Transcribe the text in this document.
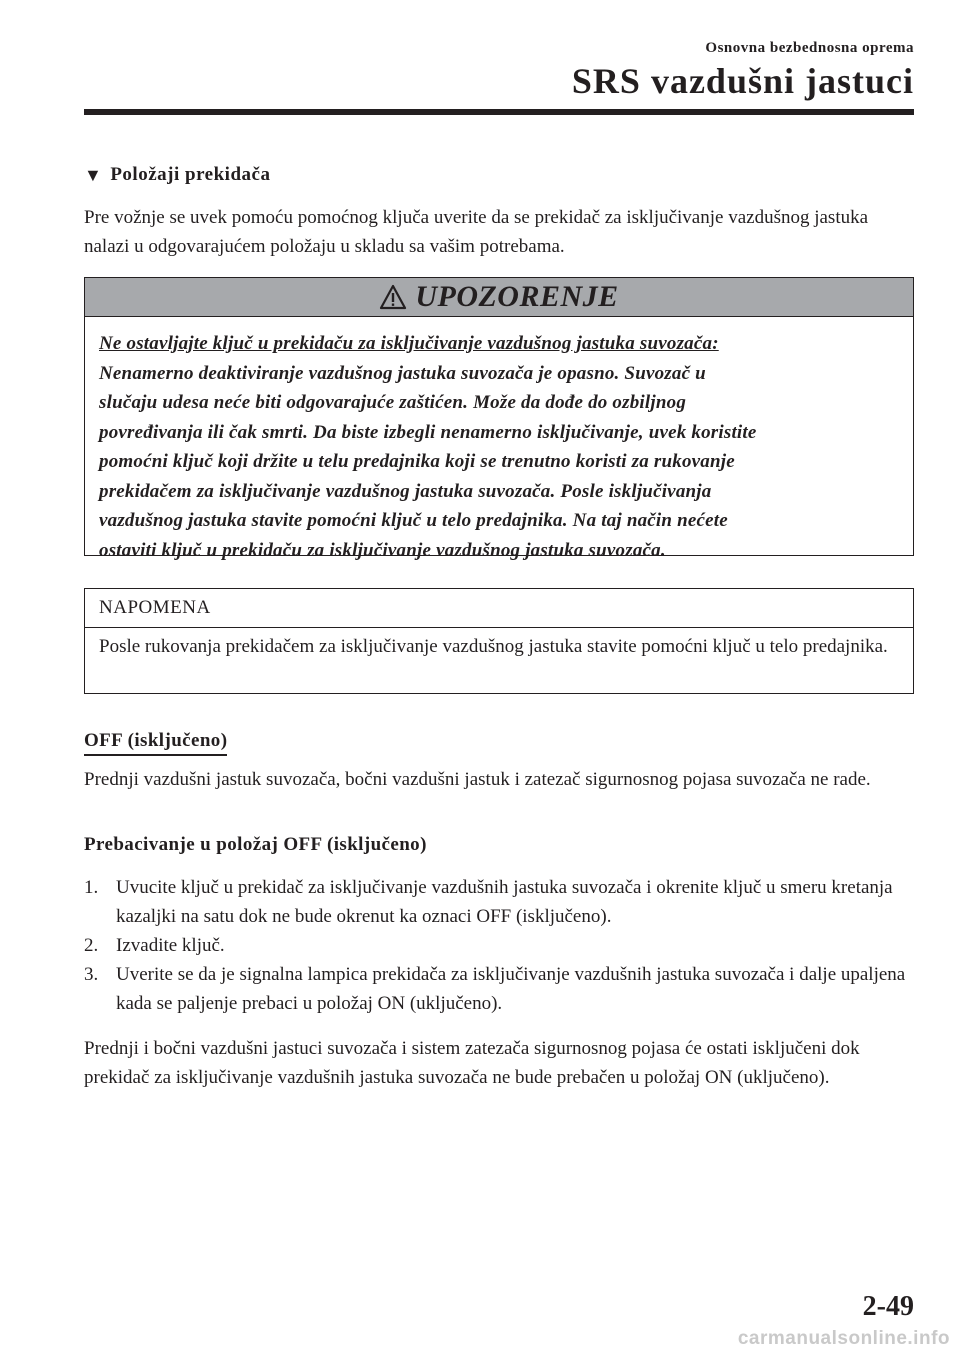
Osnovna bezbednosna oprema
SRS vazdušni jastuci
▼ Položaji prekidača
Pre vožnje se uvek pomoću pomoćnog ključa uverite da se prekidač za isključivanje vazdušnog jastuka nalazi u odgovarajućem položaju u skladu sa vašim potrebama.
UPOZORENJE
Ne ostavljajte ključ u prekidaču za isključivanje vazdušnog jastuka suvozača:
Nenamerno deaktiviranje vazdušnog jastuka suvozača je opasno. Suvozač u
slučaju udesa neće biti odgovarajuće zaštićen. Može da dođe do ozbiljnog
povređivanja ili čak smrti. Da biste izbegli nenamerno isključivanje, uvek koristite
pomoćni ključ koji držite u telu predajnika koji se trenutno koristi za rukovanje
prekidačem za isključivanje vazdušnog jastuka suvozača. Posle isključivanja
vazdušnog jastuka stavite pomoćni ključ u telo predajnika. Na taj način nećete
ostaviti ključ u prekidaču za isključivanje vazdušnog jastuka suvozača.
NAPOMENA
Posle rukovanja prekidačem za isključivanje vazdušnog jastuka stavite pomoćni ključ u telo predajnika.
OFF (isključeno)
Prednji vazdušni jastuk suvozača, bočni vazdušni jastuk i zatezač sigurnosnog pojasa suvozača ne rade.
Prebacivanje u položaj OFF (isključeno)
1. Uvucite ključ u prekidač za isključivanje vazdušnih jastuka suvozača i okrenite ključ u smeru kretanja kazaljki na satu dok ne bude okrenut ka oznaci OFF (isključeno).
2. Izvadite ključ.
3. Uverite se da je signalna lampica prekidača za isključivanje vazdušnih jastuka suvozača i dalje upaljena kada se paljenje prebaci u položaj ON (uključeno).
Prednji i bočni vazdušni jastuci suvozača i sistem zatezača sigurnosnog pojasa će ostati isključeni dok prekidač za isključivanje vazdušnih jastuka suvozača ne bude prebačen u položaj ON (uključeno).
2-49
carmanualsonline.info
